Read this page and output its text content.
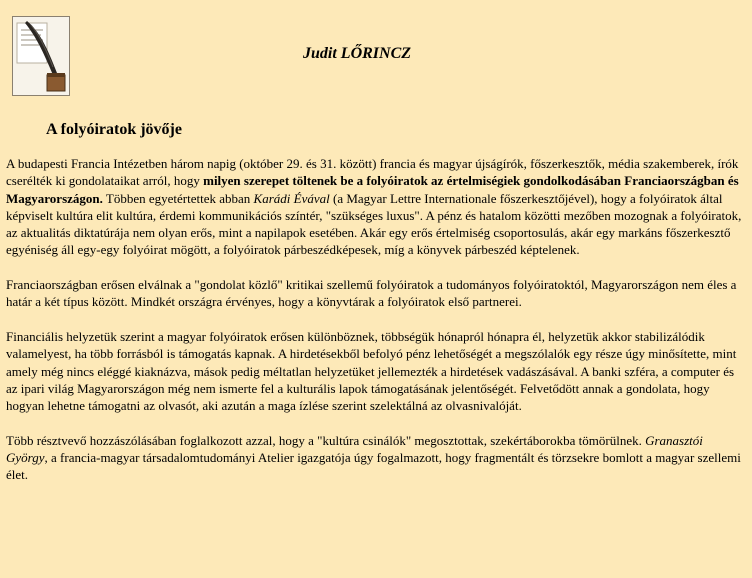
Judit LŐRINCZ
A folyóiratok jövője

A budapesti Francia Intézetben három napig (október 29. és 31. között) francia és magyar újságírók, főszerkesztők, média szakemberek, írók cserélték ki gondolataikat arról, hogy milyen szerepet töltenek be a folyóiratok az értelmiségiek gondolkodásában Franciaországban és Magyarországon. Többen egyetértettek abban Karádi Évával (a Magyar Lettre Internationale főszerkesztőjével), hogy a folyóiratok által képviselt kultúra elit kultúra, érdemi kommunikációs színtér, "szükséges luxus". A pénz és hatalom közötti mezőben mozognak a folyóiratok, az aktualitás diktatúrája nem olyan erős, mint a napilapok esetében. Akár egy erős értelmiség csoportosulás, akár egy markáns főszerkesztő egyéniség áll egy-egy folyóirat mögött, a folyóiratok párbeszédképesek, míg a könyvek párbeszéd képtelenek.

Franciaországban erősen elválnak a "gondolat közlő" kritikai szellemű folyóiratok a tudományos folyóiratoktól, Magyarországon nem éles a határ a két típus között. Mindkét országra érvényes, hogy a könyvtárak a folyóiratok első partnerei.

Financiális helyzetük szerint a magyar folyóiratok erősen különböznek, többségük hónapról hónapra él, helyzetük akkor stabilizálódik valamelyest, ha több forrásból is támogatás kapnak. A hirdetésekből befolyó pénz lehetőségét a megszólalók egy része úgy minősítette, mint amely még nincs eléggé kiaknázva, mások pedig méltatlan helyzetüket jellemezték a hirdetések vadászásával. A banki szféra, a computer és az ipari világ Magyarországon még nem ismerte fel a kulturális lapok támogatásának jelentőségét. Felvetődött annak a gondolata, hogy hogyan lehetne támogatni az olvasót, aki azután a maga ízlése szerint szelektálná az olvasnivalóját.

Több résztvevő hozzászólásában foglalkozott azzal, hogy a "kultúra csinálók" megosztottak, szekértáborokba tömörülnek. Granasztói György, a francia-magyar társadalomtudományi Atelier igazgatója úgy fogalmazott, hogy fragmentált és törzsekre bomlott a magyar szellemi élet.
